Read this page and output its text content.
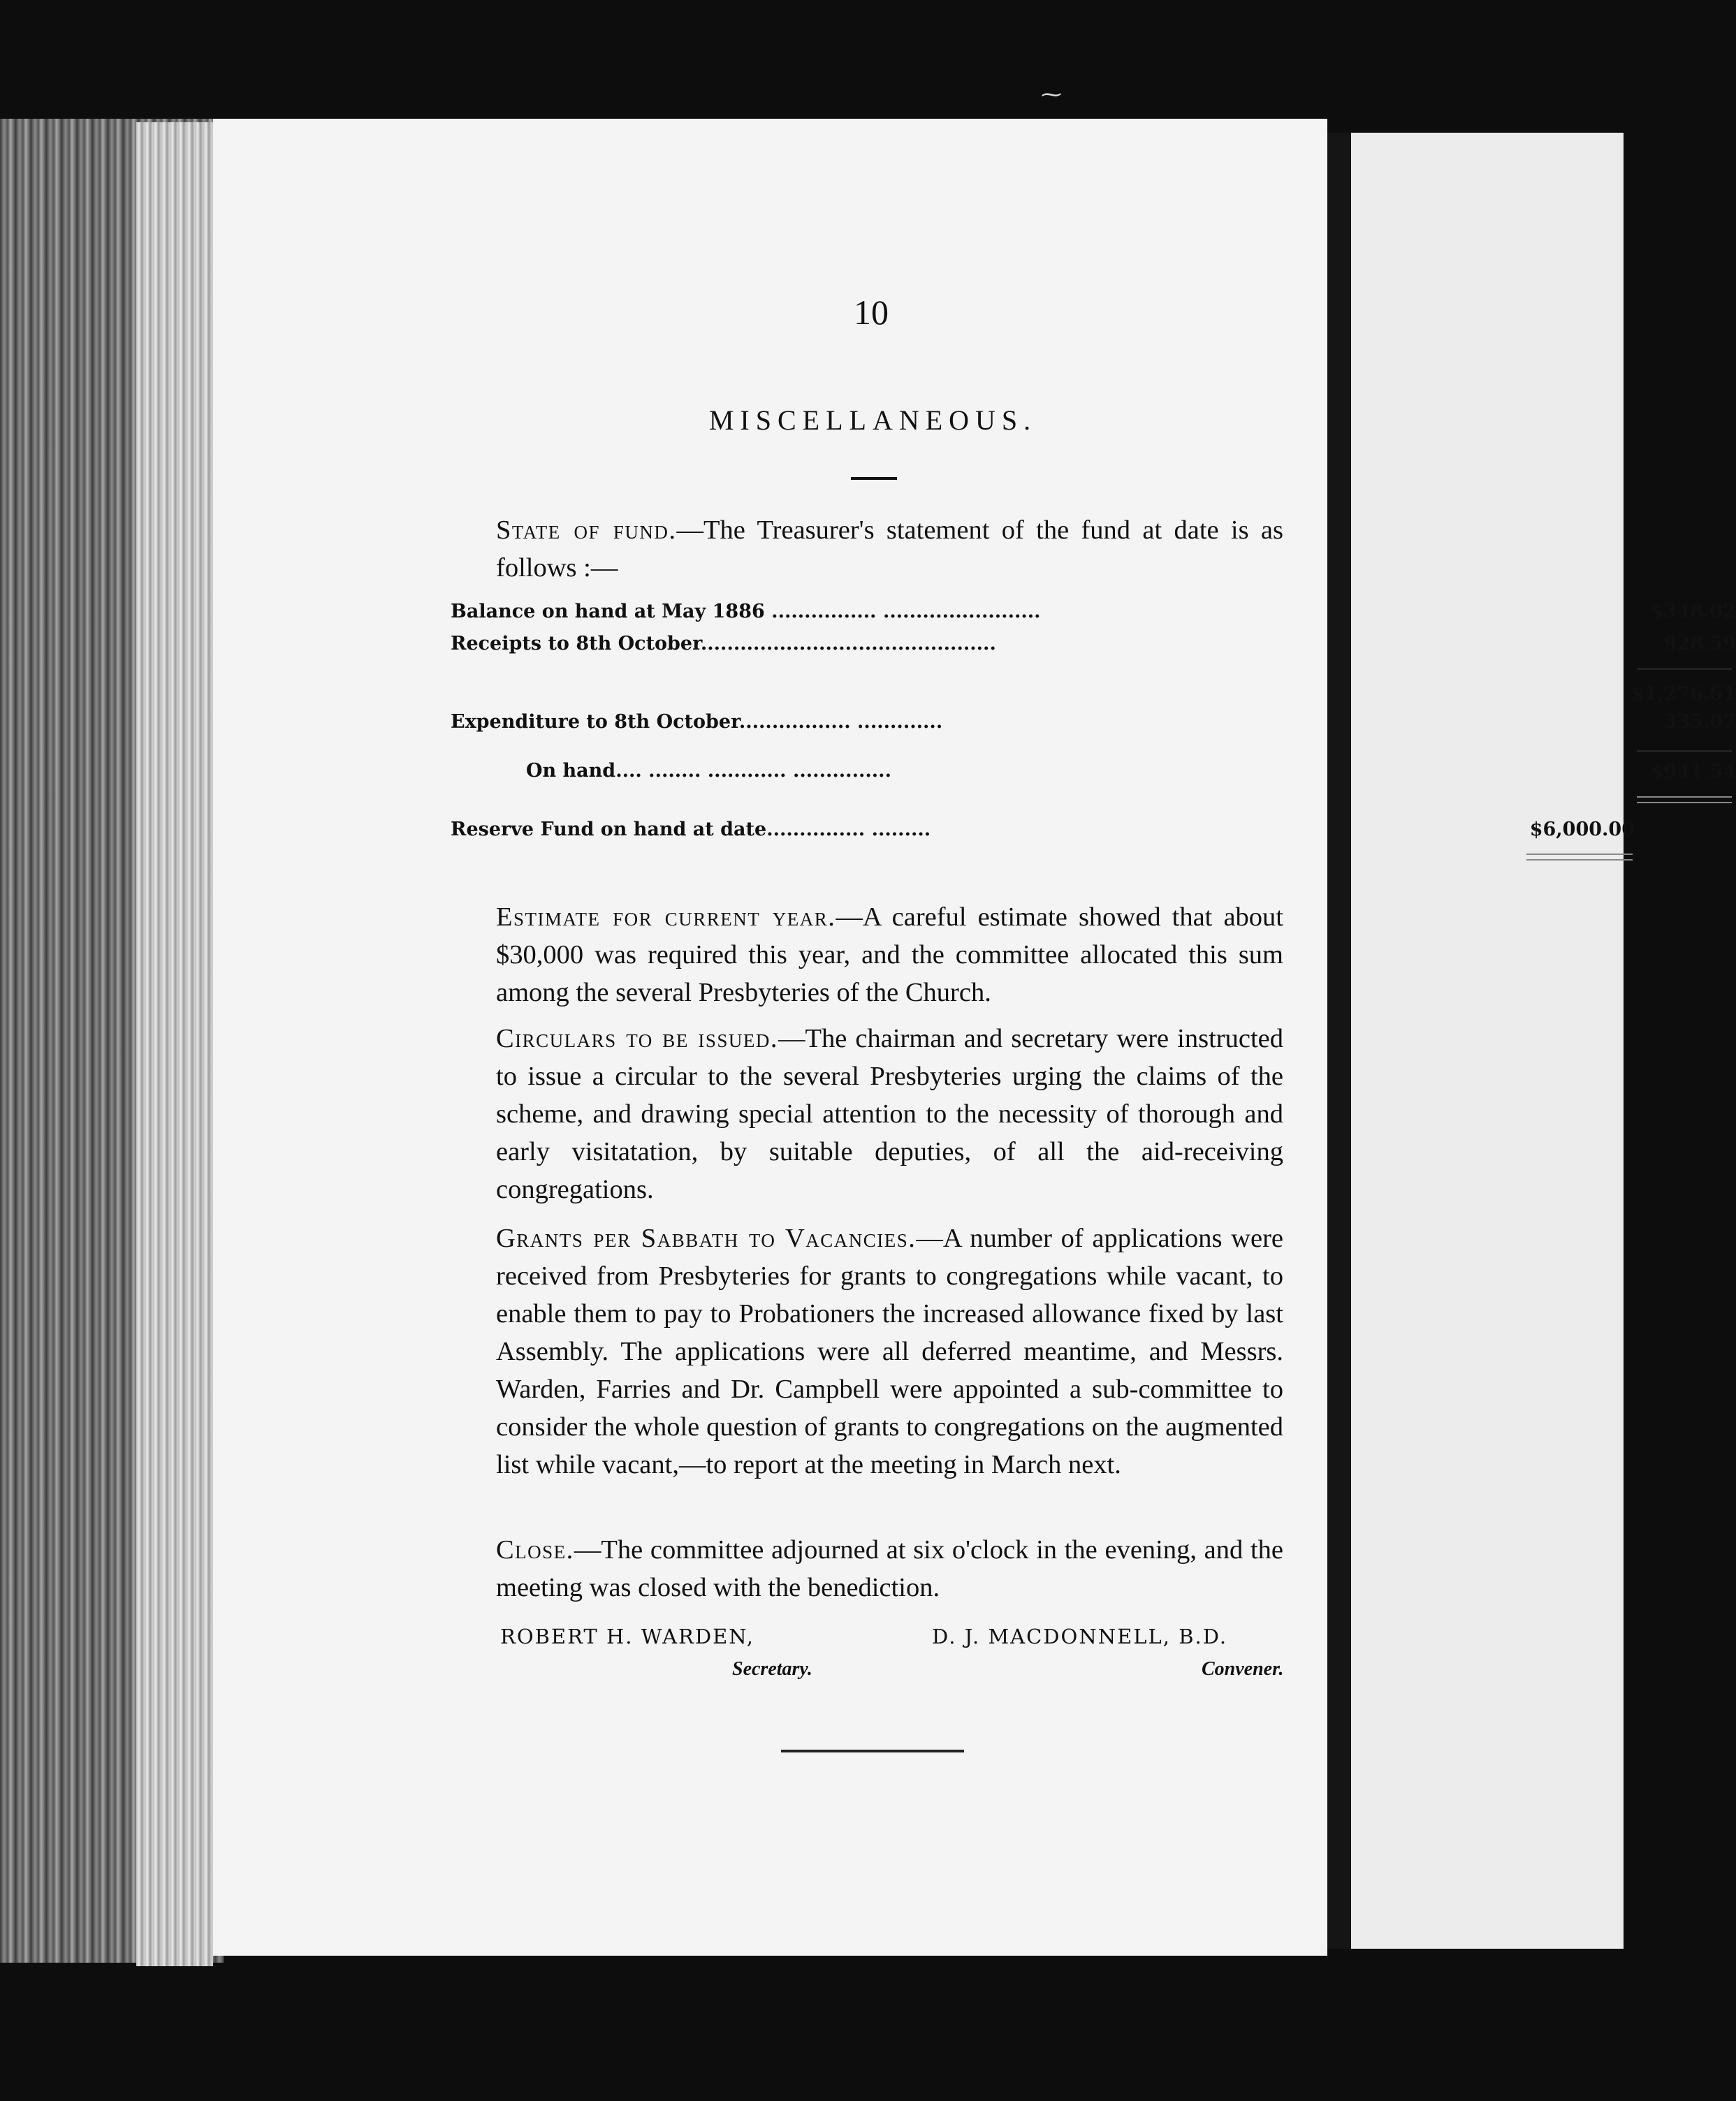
⁓
10
MISCELLANEOUS.
State of fund.—The Treasurer's statement of the fund at date is as follows :—
Balance on hand at May 1886 ................ ........................	$348.02
Receipts to 8th October.............................................	928.59
$1,276.61
Expenditure to 8th October................. .............	335.07
On hand.... ........ ............ ...............	$941.54
Reserve Fund on hand at date............... .........	$6,000.00
Estimate for current year.—A careful estimate showed that about $30,000 was required this year, and the committee allocated this sum among the several Presbyteries of the Church.
Circulars to be issued.—The chairman and secretary were instructed to issue a circular to the several Presbyteries urging the claims of the scheme, and drawing special attention to the necessity of thorough and early visitatation, by suitable deputies, of all the aid-receiving congregations.
Grants per Sabbath to Vacancies.—A number of applications were received from Presbyteries for grants to congregations while vacant, to enable them to pay to Probationers the increased allowance fixed by last Assembly. The applications were all deferred meantime, and Messrs. Warden, Farries and Dr. Campbell were appointed a sub-committee to consider the whole question of grants to congregations on the augmented list while vacant,—to report at the meeting in March next.
Close.—The committee adjourned at six o'clock in the evening, and the meeting was closed with the benediction.
ROBERT H. WARDEN,
Secretary.
D. J. MACDONNELL, B.D.
Convener.
